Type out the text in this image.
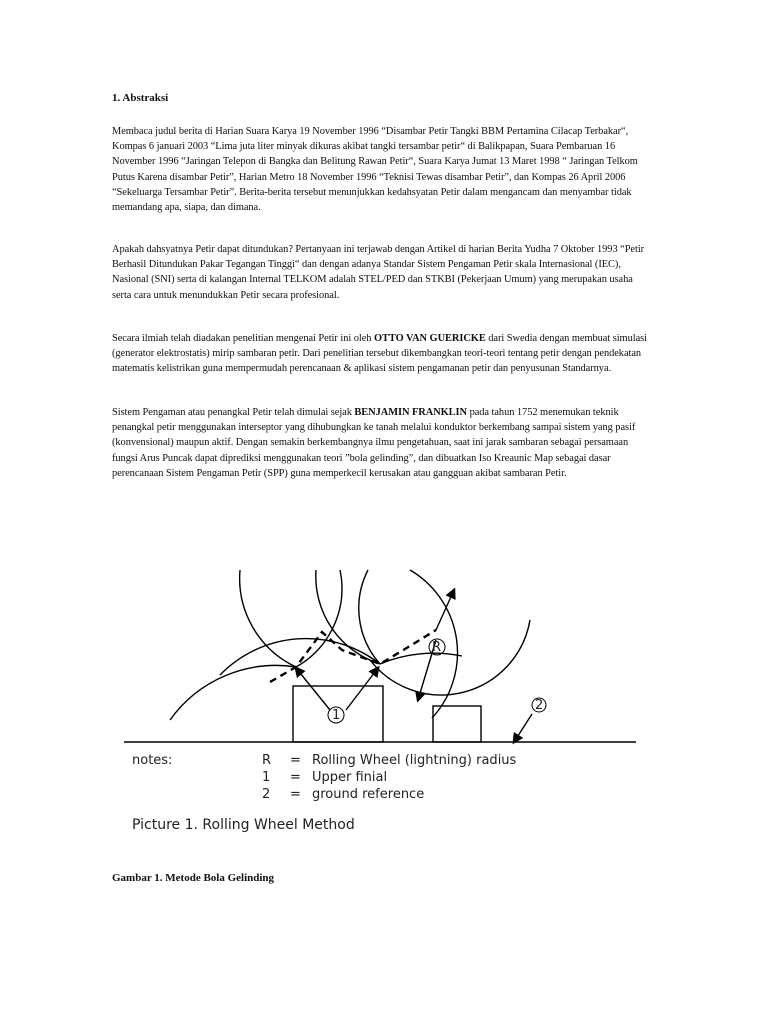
1. Abstraksi

Membaca judul berita di Harian Suara Karya 19 November 1996 “Disambar Petir Tangki BBM Pertamina Cilacap Terbakar“, Kompas 6 januari 2003 “Lima juta liter minyak dikuras akibat tangki tersambar petir“ di Balikpapan, Suara Pembaruan 16 November 1996 “Jaringan Telepon di Bangka dan Belitung Rawan Petir“, Suara Karya Jumat 13 Maret 1998 “ Jaringan Telkom Putus Karena disambar Petir”, Harian Metro 18 November 1996 “Teknisi Tewas disambar Petir”, dan Kompas 26 April 2006 “Sekeluarga Tersambar Petir”. Berita-berita tersebut menunjukkan kedahsyatan Petir dalam mengancam dan menyambar tidak memandang apa, siapa, dan dimana.

Apakah dahsyatnya Petir dapat ditundukan? Pertanyaan ini terjawab dengan Artikel di harian Berita Yudha 7 Oktober 1993 “Petir Berhasil Ditundukan Pakar Tegangan Tinggi“ dan dengan adanya Standar Sistem Pengaman Petir skala Internasional (IEC), Nasional (SNI) serta di kalangan Internal TELKOM adalah STEL/PED dan STKBI (Pekerjaan Umum) yang merupakan usaha serta cara untuk menundukkan Petir secara profesional.

Secara ilmiah telah diadakan penelitian mengenai Petir ini oleh OTTO VAN GUERICKE dari Swedia dengan membuat simulasi (generator elektrostatis) mirip sambaran petir. Dari penelitian tersebut dikembangkan teori-teori tentang petir dengan pendekatan matematis kelistrikan guna mempermudah perencanaan & aplikasi sistem pengamanan petir dan penyusunan Standarnya.

Sistem Pengaman atau penangkal Petir telah dimulai sejak BENJAMIN FRANKLIN pada tahun 1752 menemukan teknik penangkal petir menggunakan interseptor yang dihubungkan ke tanah melalui konduktor berkembang sampai sistem yang pasif (konvensional) maupun aktif. Dengan semakin berkembangnya ilmu pengetahuan, saat ini jarak sambaran sebagai persamaan fungsi Arus Puncak dapat diprediksi menggunakan teori ”bola gelinding”, dan dibuatkan Iso Kreaunic Map sebagai dasar perencanaan Sistem Pengaman Petir (SPP) guna memperkecil kerusakan atau gangguan akibat sambaran Petir.

1
R
2
notes:	R = Rolling Wheel (lightning) radius
1 = Upper finial
2 = ground reference

Picture 1. Rolling Wheel Method

Gambar 1. Metode Bola Gelinding
